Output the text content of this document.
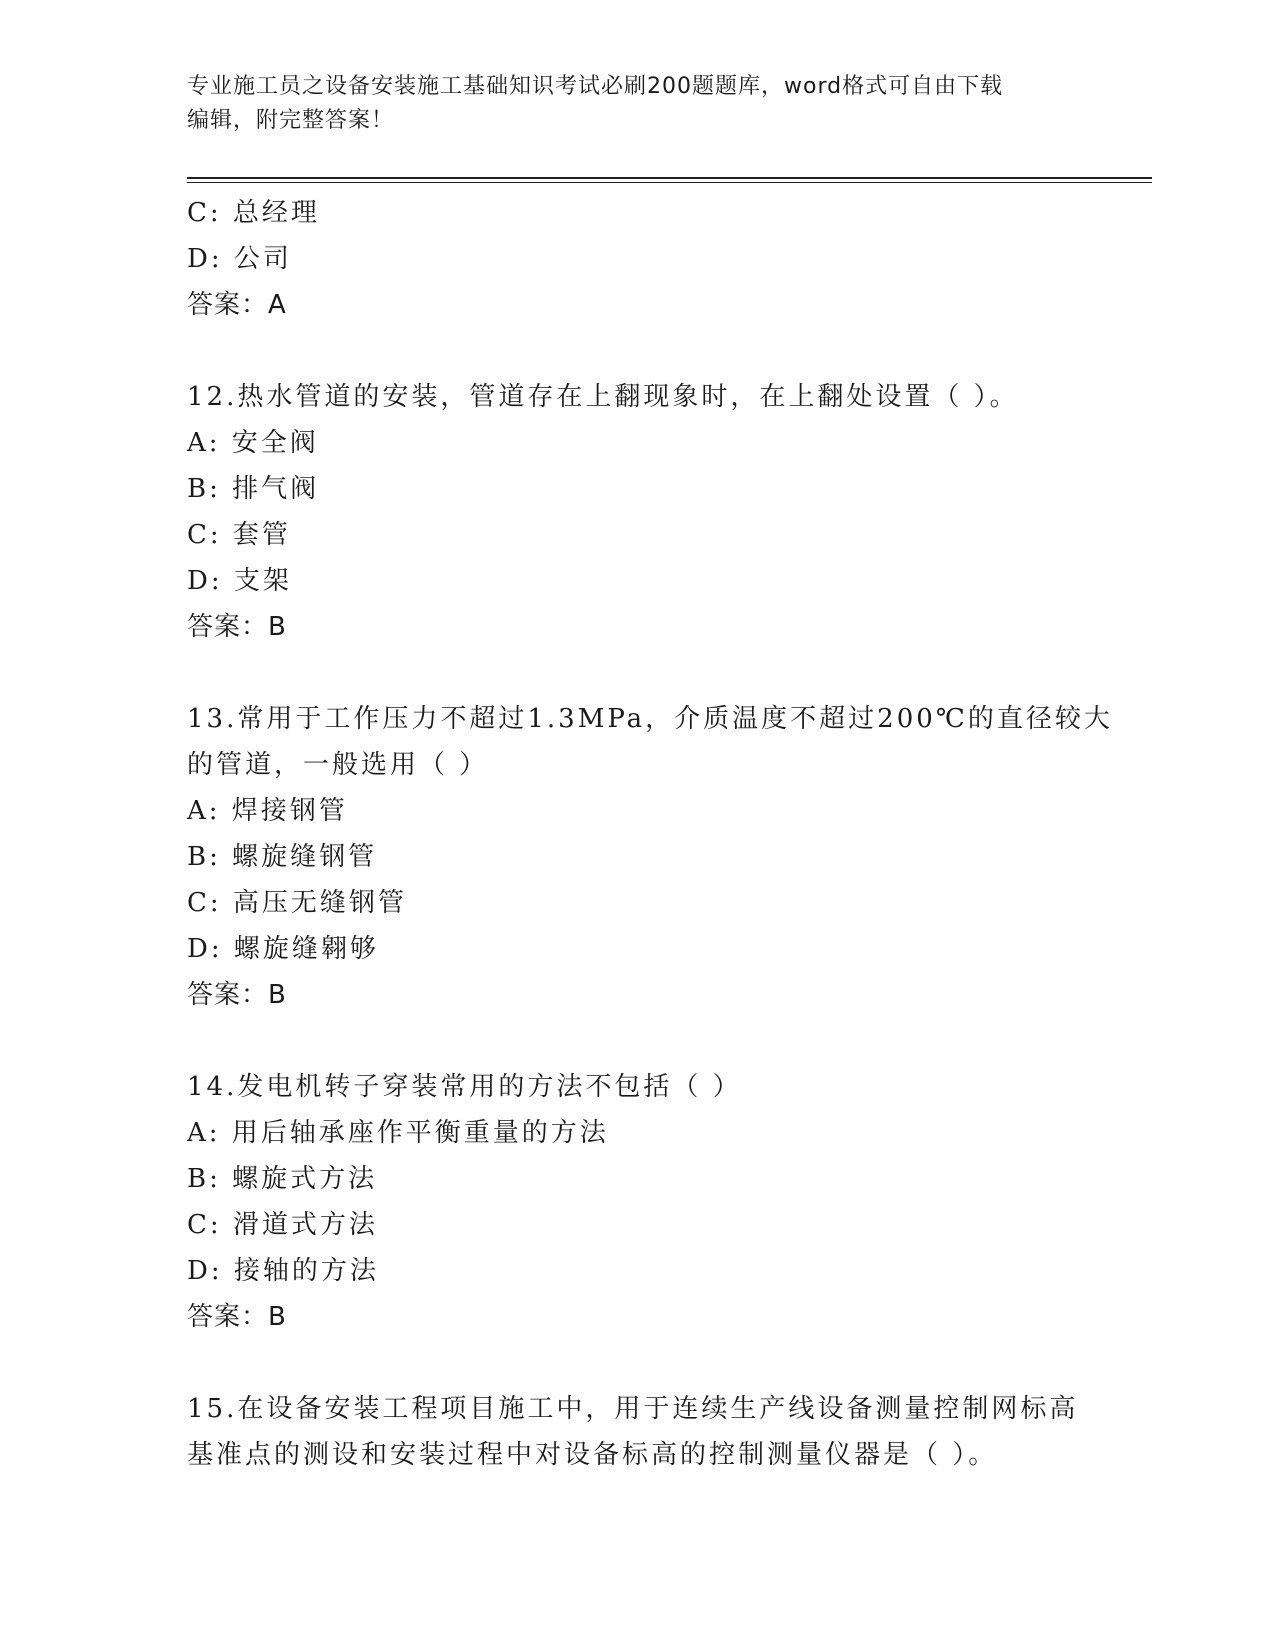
专业施工员之设备安装施工基础知识考试必刷200题题库，word格式可自由下载
编辑，附完整答案！
C: 总经理
D: 公司
答案：A
12.热水管道的安装，管道存在上翻现象时，在上翻处设置（ ）。
A: 安全阀
B: 排气阀
C: 套管
D: 支架
答案：B
13.常用于工作压力不超过1.3MPa，介质温度不超过200℃的直径较大
的管道，一般选用（ ）
A: 焊接钢管
B: 螺旋缝钢管
C: 高压无缝钢管
D: 螺旋缝翱够
答案：B
14.发电机转子穿装常用的方法不包括（ ）
A: 用后轴承座作平衡重量的方法
B: 螺旋式方法
C: 滑道式方法
D: 接轴的方法
答案：B
15.在设备安装工程项目施工中，用于连续生产线设备测量控制网标高
基准点的测设和安装过程中对设备标高的控制测量仪器是（ ）。
